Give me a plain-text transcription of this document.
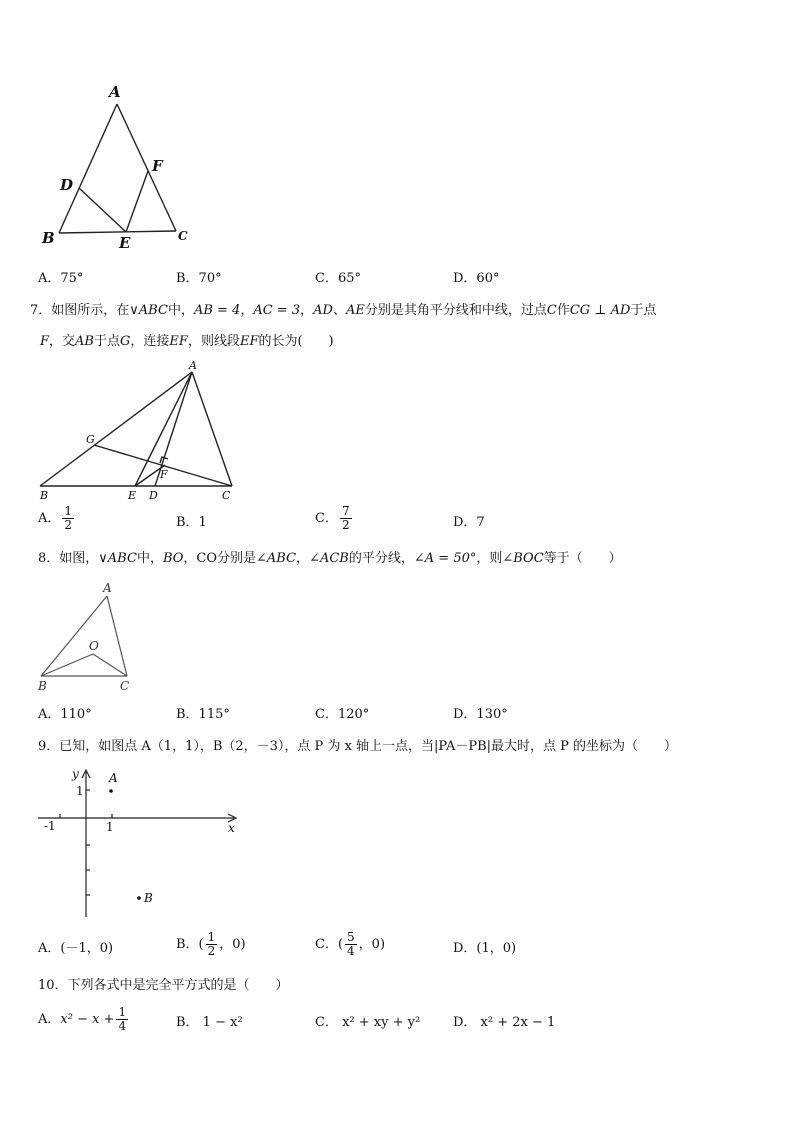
A
D
F
B	E	C
A．75°	B．70°	C．65°	D．60°
7．如图所示，在∨ABC中，AB = 4，AC = 3，AD、AE分别是其角平分线和中线，过点C作CG ⊥ AD于点
F，交AB于点G，连接EF，则线段EF的长为(　　)
A
G
F
B	E D	C
A． $\frac{1}{2}$	B．1	C． $\frac{7}{2}$	D．7
8．如图，∨ABC中，BO，CO分别是∠ABC，∠ACB的平分线，∠A = 50°，则∠BOC等于（　　）
A
O
B	C
A．110°	B．115°	C．120°	D．130°
9．已知，如图点 A（1，1），B（2，－3），点 P 为 x 轴上一点，当|PA－PB|最大时，点 P 的坐标为（　　）
y
x
1
-1	1
A
B
A．(－1，0)	B．( $\frac{1}{2}$ ，0)	C．( $\frac{5}{4}$ ，0)	D．(1，0)
10．下列各式中是完全平方式的是（　　）
A．$x^2 - x + \frac{1}{4}$	B． 1 − x²	C． x² + xy + y²	D． x² + 2x − 1
